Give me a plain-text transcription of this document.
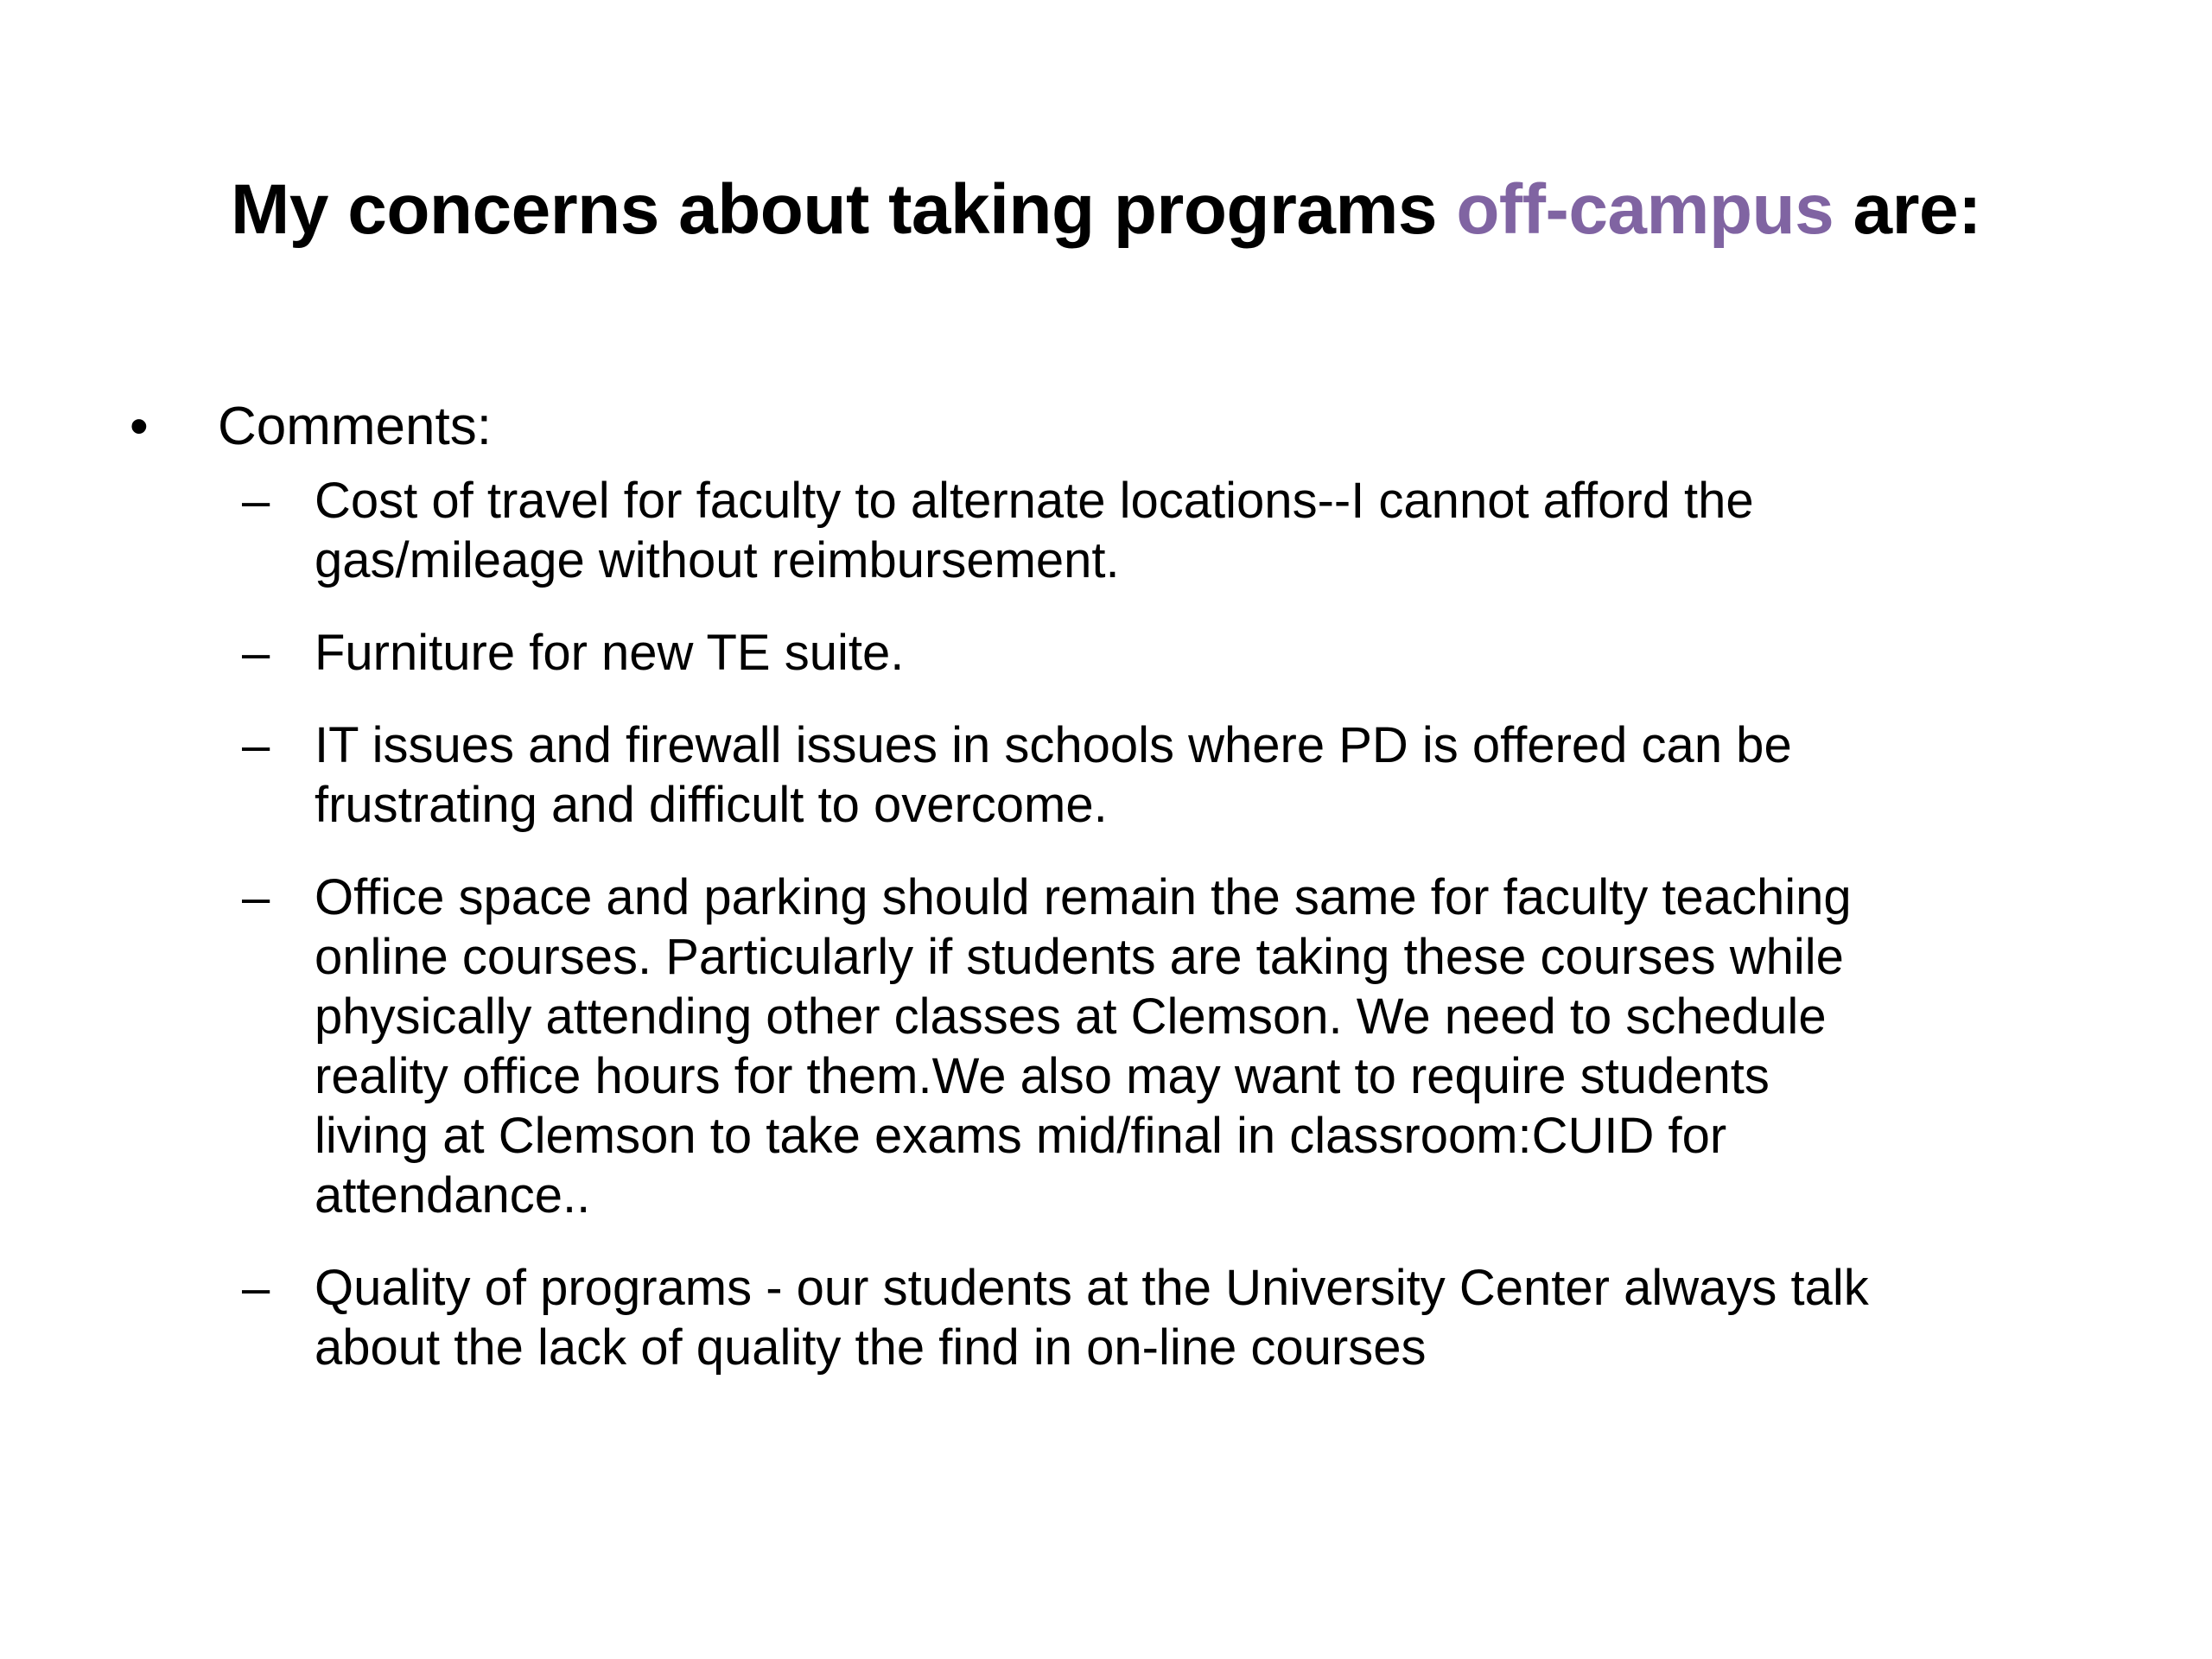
My concerns about taking programs off-campus are:
• Comments:
– Cost of travel for faculty to alternate locations--I cannot afford the
gas/mileage without reimbursement.
– Furniture for new TE suite.
– IT issues and firewall issues in schools where PD is offered can be
frustrating and difficult to overcome.
– Office space and parking should remain the same for faculty teaching
online courses. Particularly if students are taking these courses while
physically attending other classes at Clemson. We need to schedule
reality office hours for them.We also may want to require students
living at Clemson to take exams mid/final in classroom:CUID for
attendance..
– Quality of programs - our students at the University Center always talk
about the lack of quality the find in on-line courses
